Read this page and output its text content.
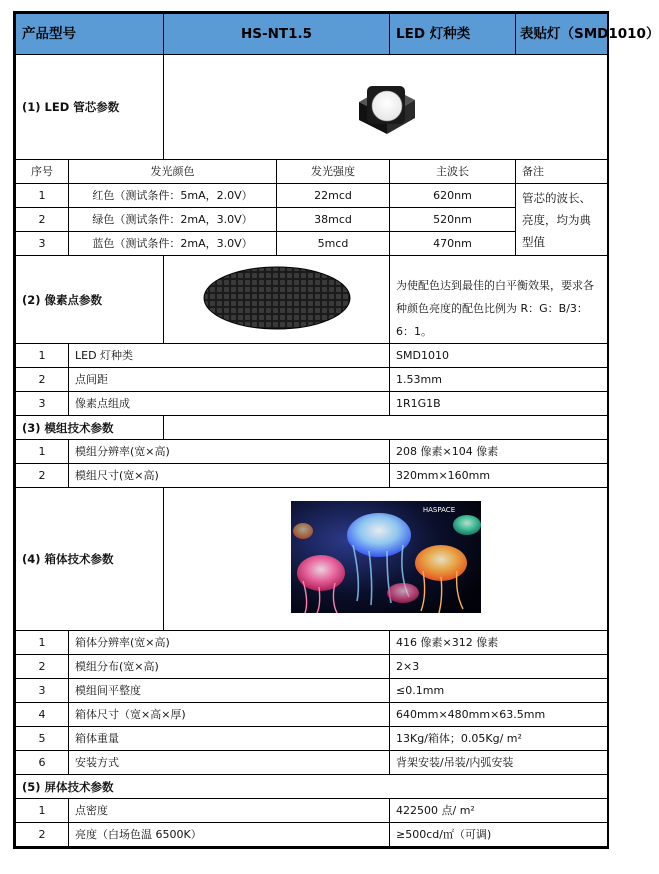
产品型号		HS-NT1.5		LED 灯种类	表贴灯（SMD1010）
(1) LED 管芯参数	
序号	发光颜色		发光强度	主波长	备注
1	红色（测试条件：5mA，2.0V）		22mcd	620nm	管芯的波长、亮度，均为典型值
2	绿色（测试条件：2mA，3.0V）		38mcd	520nm	
3	蓝色（测试条件：2mA，3.0V）		5mcd	470nm	
(2) 像素点参数				为使配色达到最佳的白平衡效果，要求各种颜色亮度的配色比例为 R：G：B/3：6：1。	
1	LED 灯种类			SMD1010	
2	点间距			1.53mm	
3	像素点组成			1R1G1B	
(3) 模组技术参数					
1	模组分辨率(宽×高)			208 像素×104 像素	
2	模组尺寸(宽×高)			320mm×160mm	
(4) 箱体技术参数		HASPACE			

1	箱体分辨率(宽×高)			416 像素×312 像素	
2	模组分布(宽×高)			2×3	
3	模组间平整度			≤0.1mm	
4	箱体尺寸（宽×高×厚)			640mm×480mm×63.5mm	
5	箱体重量			13Kg/箱体；0.05Kg/ m²	
6	安装方式			背架安装/吊装/内弧安装	
(5) 屏体技术参数					
1	点密度			422500 点/ m²	
2	亮度（白场色温 6500K）			≥500cd/㎡（可调)	
